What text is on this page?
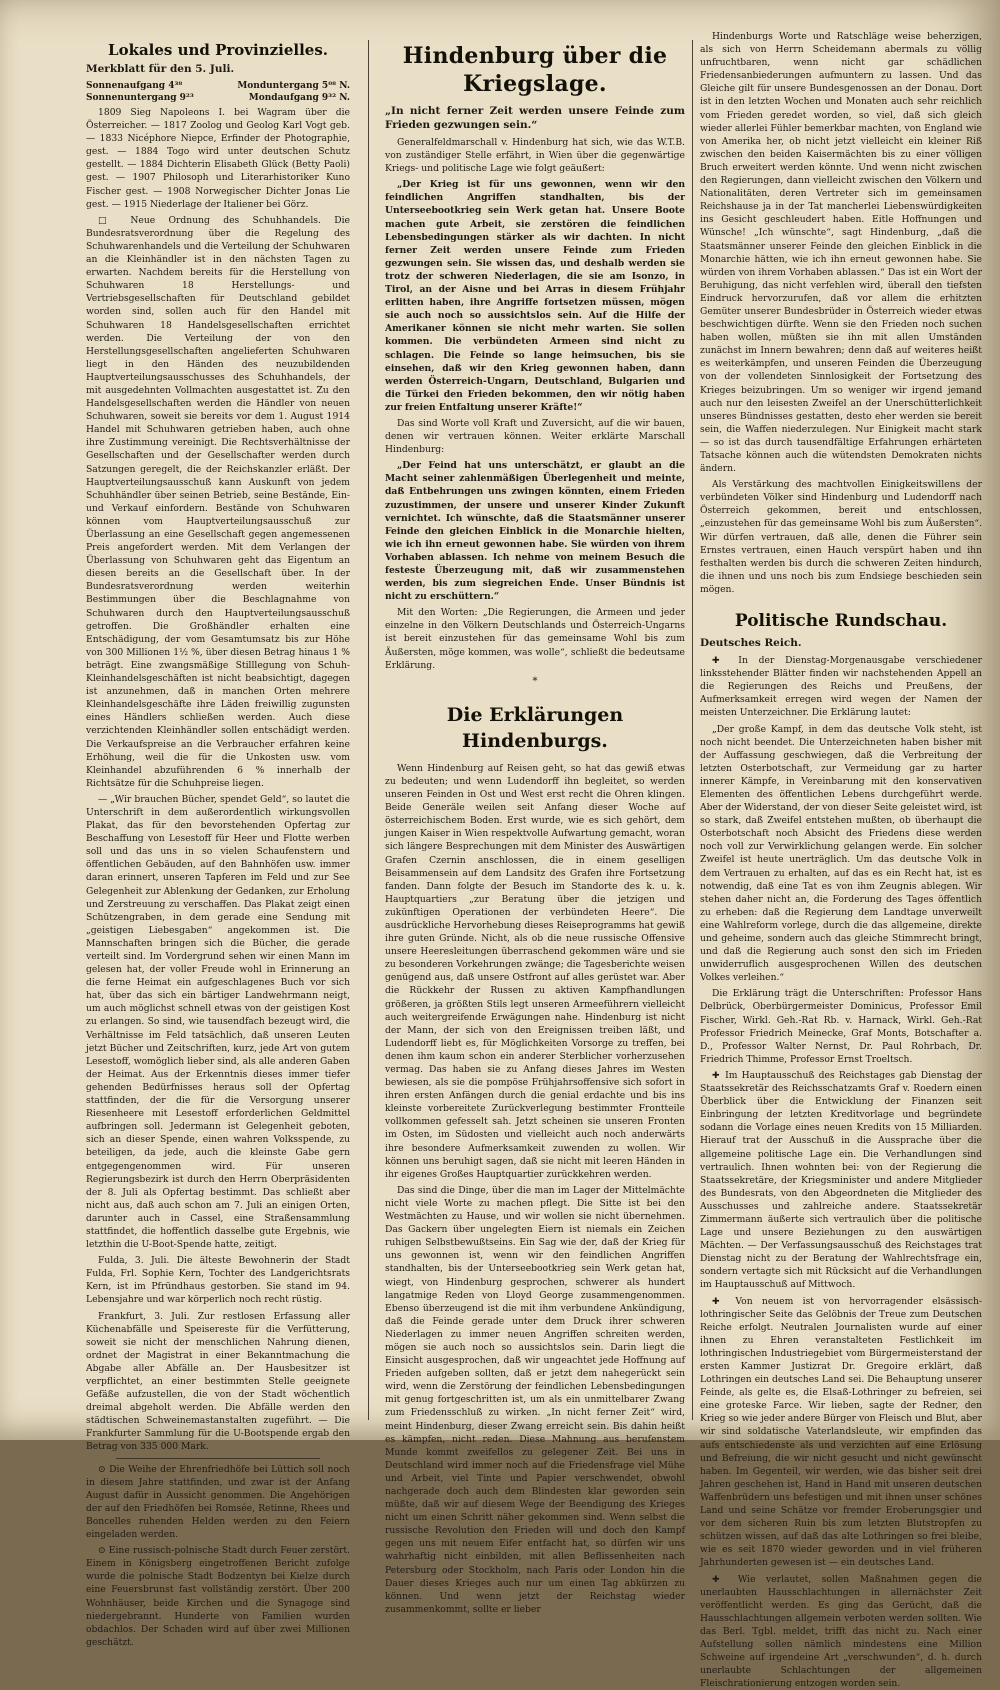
Lokales und Provinzielles.
Merkblatt für den 5. Juli.
Sonnenaufgang 4³⁸	Monduntergang 5⁰⁸ N.
Sonnenuntergang 9²³	Mondaufgang 9³² N.

1809 Sieg Napoleons I. bei Wagram über die Österreicher. — 1817 Zoolog und Geolog Karl Vogt geb. — 1833 Nicéphore Niepce, Erfinder der Photographie, gest. — 1884 Togo wird unter deutschen Schutz gestellt. — 1884 Dichterin Elisabeth Glück (Betty Paoli) gest. — 1907 Philosoph und Literarhistoriker Kuno Fischer gest. — 1908 Norwegischer Dichter Jonas Lie gest. — 1915 Niederlage der Italiener bei Görz.

□ Neue Ordnung des Schuhhandels. Die Bundesratsverordnung über die Regelung des Schuhwarenhandels und die Verteilung der Schuhwaren an die Kleinhändler ist in den nächsten Tagen zu erwarten. Nachdem bereits für die Herstellung von Schuhwaren 18 Herstellungs- und Vertriebsgesellschaften für Deutschland gebildet worden sind, sollen auch für den Handel mit Schuhwaren 18 Handelsgesellschaften errichtet werden. Die Verteilung der von den Herstellungsgesellschaften angelieferten Schuhwaren liegt in den Händen des neuzubildenden Hauptverteilungsausschusses des Schuhhandels, der mit ausgedehnten Vollmachten ausgestattet ist. Zu den Handelsgesellschaften werden die Händler von neuen Schuhwaren, soweit sie bereits vor dem 1. August 1914 Handel mit Schuhwaren getrieben haben, auch ohne ihre Zustimmung vereinigt. Die Rechtsverhältnisse der Gesellschaften und der Gesellschafter werden durch Satzungen geregelt, die der Reichskanzler erläßt. Der Hauptverteilungsausschuß kann Auskunft von jedem Schuhhändler über seinen Betrieb, seine Bestände, Ein- und Verkauf einfordern. Bestände von Schuhwaren können vom Hauptverteilungsausschuß zur Überlassung an eine Gesellschaft gegen angemessenen Preis angefordert werden. Mit dem Verlangen der Überlassung von Schuhwaren geht das Eigentum an diesen bereits an die Gesellschaft über. In der Bundesratsverordnung werden weiterhin Bestimmungen über die Beschlagnahme von Schuhwaren durch den Hauptverteilungsausschuß getroffen. Die Großhändler erhalten eine Entschädigung, der vom Gesamtumsatz bis zur Höhe von 300 Millionen 1½ %, über diesen Betrag hinaus 1 % beträgt. Eine zwangsmäßige Stilllegung von Schuh-Kleinhandelsgeschäften ist nicht beabsichtigt, dagegen ist anzunehmen, daß in manchen Orten mehrere Kleinhandelsgeschäfte ihre Läden freiwillig zugunsten eines Händlers schließen werden. Auch diese verzichtenden Kleinhändler sollen entschädigt werden. Die Verkaufspreise an die Verbraucher erfahren keine Erhöhung, weil die für die Unkosten usw. vom Kleinhandel abzuführenden 6 % innerhalb der Richtsätze für die Schuhpreise liegen.

— „Wir brauchen Bücher, spendet Geld“, so lautet die Unterschrift in dem außerordentlich wirkungsvollen Plakat, das für den bevorstehenden Opfertag zur Beschaffung von Lesestoff für Heer und Flotte werben soll und das uns in so vielen Schaufenstern und öffentlichen Gebäuden, auf den Bahnhöfen usw. immer daran erinnert, unseren Tapferen im Feld und zur See Gelegenheit zur Ablenkung der Gedanken, zur Erholung und Zerstreuung zu verschaffen. Das Plakat zeigt einen Schützengraben, in dem gerade eine Sendung mit „geistigen Liebesgaben“ angekommen ist. Die Mannschaften bringen sich die Bücher, die gerade verteilt sind. Im Vordergrund sehen wir einen Mann im gelesen hat, der voller Freude wohl in Erinnerung an die ferne Heimat ein aufgeschlagenes Buch vor sich hat, über das sich ein bärtiger Landwehrmann neigt, um auch möglichst schnell etwas von der geistigen Kost zu erlangen. So sind, wie tausendfach bezeugt wird, die Verhältnisse im Feld tatsächlich, daß unseren Leuten jetzt Bücher und Zeitschriften, kurz, jede Art von gutem Lesestoff, womöglich lieber sind, als alle anderen Gaben der Heimat. Aus der Erkenntnis dieses immer tiefer gehenden Bedürfnisses heraus soll der Opfertag stattfinden, der die für die Versorgung unserer Riesenheere mit Lesestoff erforderlichen Geldmittel aufbringen soll. Jedermann ist Gelegenheit geboten, sich an dieser Spende, einen wahren Volksspende, zu beteiligen, da jede, auch die kleinste Gabe gern entgegengenommen wird. Für unseren Regierungsbezirk ist durch den Herrn Oberpräsidenten der 8. Juli als Opfertag bestimmt. Das schließt aber nicht aus, daß auch schon am 7. Juli an einigen Orten, darunter auch in Cassel, eine Straßensammlung stattfindet, die hoffentlich dasselbe gute Ergebnis, wie letzthin die U-Boot-Spende hatte, zeitigt.

Fulda, 3. Juli. Die älteste Bewohnerin der Stadt Fulda, Frl. Sophie Kern, Tochter des Landgerichtsrats Kern, ist im Pfründhaus gestorben. Sie stand im 94. Lebensjahre und war körperlich noch recht rüstig.

Frankfurt, 3. Juli. Zur restlosen Erfassung aller Küchenabfälle und Speisereste für die Verfütterung, soweit sie nicht der menschlichen Nahrung dienen, ordnet der Magistrat in einer Bekanntmachung die Abgabe aller Abfälle an. Der Hausbesitzer ist verpflichtet, an einer bestimmten Stelle geeignete Gefäße aufzustellen, die von der Stadt wöchentlich dreimal abgeholt werden. Die Abfälle werden den städtischen Schweinemastanstalten zugeführt. — Die Frankfurter Sammlung für die U-Bootspende ergab den Betrag von 335 000 Mark.

⊙ Die Weihe der Ehrenfriedhöfe bei Lüttich soll noch in diesem Jahre stattfinden, und zwar ist der Anfang August dafür in Aussicht genommen. Die Angehörigen der auf den Friedhöfen bei Romsée, Retinne, Rhees und Boncelles ruhenden Helden werden zu den Feiern eingeladen werden.

⊙ Eine russisch-polnische Stadt durch Feuer zerstört. Einem in Königsberg eingetroffenen Bericht zufolge wurde die polnische Stadt Bodzentyn bei Kielze durch eine Feuersbrunst fast vollständig zerstört. Über 200 Wohnhäuser, beide Kirchen und die Synagoge sind niedergebrannt. Hunderte von Familien wurden obdachlos. Der Schaden wird auf über zwei Millionen geschätzt.

Hindenburg über die Kriegslage.
„In nicht ferner Zeit werden unsere Feinde zum Frieden gezwungen sein.“

Generalfeldmarschall v. Hindenburg hat sich, wie das W.T.B. von zuständiger Stelle erfährt, in Wien über die gegenwärtige Kriegs- und politische Lage wie folgt geäußert:

„Der Krieg ist für uns gewonnen, wenn wir den feindlichen Angriffen standhalten, bis der Unterseebootkrieg sein Werk getan hat. Unsere Boote machen gute Arbeit, sie zerstören die feindlichen Lebensbedingungen stärker als wir dachten. In nicht ferner Zeit werden unsere Feinde zum Frieden gezwungen sein. Sie wissen das, und deshalb werden sie trotz der schweren Niederlagen, die sie am Isonzo, in Tirol, an der Aisne und bei Arras in diesem Frühjahr erlitten haben, ihre Angriffe fortsetzen müssen, mögen sie auch noch so aussichtslos sein. Auf die Hilfe der Amerikaner können sie nicht mehr warten. Sie sollen kommen. Die verbündeten Armeen sind nicht zu schlagen. Die Feinde so lange heimsuchen, bis sie einsehen, daß wir den Krieg gewonnen haben, dann werden Österreich-Ungarn, Deutschland, Bulgarien und die Türkei den Frieden bekommen, den wir nötig haben zur freien Entfaltung unserer Kräfte!“

Das sind Worte voll Kraft und Zuversicht, auf die wir bauen, denen wir vertrauen können. Weiter erklärte Marschall Hindenburg:

„Der Feind hat uns unterschätzt, er glaubt an die Macht seiner zahlenmäßigen Überlegenheit und meinte, daß Entbehrungen uns zwingen könnten, einem Frieden zuzustimmen, der unsere und unserer Kinder Zukunft vernichtet. Ich wünschte, daß die Staatsmänner unserer Feinde den gleichen Einblick in die Monarchie hielten, wie ich ihn erneut gewonnen habe. Sie würden von ihrem Vorhaben ablassen. Ich nehme von meinem Besuch die festeste Überzeugung mit, daß wir zusammenstehen werden, bis zum siegreichen Ende. Unser Bündnis ist nicht zu erschüttern.“

Mit den Worten: „Die Regierungen, die Armeen und jeder einzelne in den Völkern Deutschlands und Österreich-Ungarns ist bereit einzustehen für das gemeinsame Wohl bis zum Äußersten, möge kommen, was wolle“, schließt die bedeutsame Erklärung.

*
Die Erklärungen Hindenburgs.

Wenn Hindenburg auf Reisen geht, so hat das gewiß etwas zu bedeuten; und wenn Ludendorff ihn begleitet, so werden unseren Feinden in Ost und West erst recht die Ohren klingen. Beide Generäle weilen seit Anfang dieser Woche auf österreichischem Boden. Erst wurde, wie es sich gehört, dem jungen Kaiser in Wien respektvolle Aufwartung gemacht, woran sich längere Besprechungen mit dem Minister des Auswärtigen Grafen Czernin anschlossen, die in einem geselligen Beisammensein auf dem Landsitz des Grafen ihre Fortsetzung fanden. Dann folgte der Besuch im Standorte des k. u. k. Hauptquartiers „zur Beratung über die jetzigen und zukünftigen Operationen der verbündeten Heere“. Die ausdrückliche Hervorhebung dieses Reiseprogramms hat gewiß ihre guten Gründe. Nicht, als ob die neue russische Offensive unsere Heeresleitungen überraschend gekommen wäre und sie zu besonderen Vorkehrungen zwänge; die Tagesberichte weisen genügend aus, daß unsere Ostfront auf alles gerüstet war. Aber die Rückkehr der Russen zu aktiven Kampfhandlungen größeren, ja größten Stils legt unseren Armeeführern vielleicht auch weitergreifende Erwägungen nahe. Hindenburg ist nicht der Mann, der sich von den Ereignissen treiben läßt, und Ludendorff liebt es, für Möglichkeiten Vorsorge zu treffen, bei denen ihm kaum schon ein anderer Sterblicher vorherzusehen vermag. Das haben sie zu Anfang dieses Jahres im Westen bewiesen, als sie die pompöse Frühjahrsoffensive sich sofort in ihren ersten Anfängen durch die genial erdachte und bis ins kleinste vorbereitete Zurückverlegung bestimmter Frontteile vollkommen gefesselt sah. Jetzt scheinen sie unseren Fronten im Osten, im Südosten und vielleicht auch noch anderwärts ihre besondere Aufmerksamkeit zuwenden zu wollen. Wir können uns beruhigt sagen, daß sie nicht mit leeren Händen in ihr eigenes Großes Hauptquartier zurückkehren werden.

Das sind die Dinge, über die man im Lager der Mittelmächte nicht viele Worte zu machen pflegt. Die Sitte ist bei den Westmächten zu Hause, und wir wollen sie nicht übernehmen. Das Gackern über ungelegten Eiern ist niemals ein Zeichen ruhigen Selbstbewußtseins. Ein Sag wie der, daß der Krieg für uns gewonnen ist, wenn wir den feindlichen Angriffen standhalten, bis der Unterseebootkrieg sein Werk getan hat, wiegt, von Hindenburg gesprochen, schwerer als hundert langatmige Reden von Lloyd George zusammengenommen. Ebenso überzeugend ist die mit ihm verbundene Ankündigung, daß die Feinde gerade unter dem Druck ihrer schweren Niederlagen zu immer neuen Angriffen schreiten werden, mögen sie auch noch so aussichtslos sein. Darin liegt die Einsicht ausgesprochen, daß wir ungeachtet jede Hoffnung auf Frieden aufgeben sollten, daß er jetzt dem nahegerückt sein wird, wenn die Zerstörung der feindlichen Lebensbedingungen mit genug fortgeschritten ist, um als ein unmittelbarer Zwang zum Friedensschluß zu wirken. „In nicht ferner Zeit“ wird, meint Hindenburg, dieser Zwang erreicht sein. Bis dahin heißt es kämpfen, nicht reden. Diese Mahnung aus berufenstem Munde kommt zweifellos zu gelegener Zeit. Bei uns in Deutschland wird immer noch auf die Friedensfrage viel Mühe und Arbeit, viel Tinte und Papier verschwendet, obwohl nachgerade doch auch dem Blindesten klar geworden sein müßte, daß wir auf diesem Wege der Beendigung des Krieges nicht um einen Schritt näher gekommen sind. Wenn selbst die russische Revolution den Frieden will und doch den Kampf gegen uns mit neuem Eifer entfacht hat, so dürfen wir uns wahrhaftig nicht einbilden, mit allen Beflissenheiten nach Petersburg oder Stockholm, nach Paris oder London hin die Dauer dieses Krieges auch nur um einen Tag abkürzen zu können. Und wenn jetzt der Reichstag wieder zusammenkommt, sollte er lieber

Hindenburgs Worte und Ratschläge weise beherzigen, als sich von Herrn Scheidemann abermals zu völlig unfruchtbaren, wenn nicht gar schädlichen Friedensanbiederungen aufmuntern zu lassen. Und das Gleiche gilt für unsere Bundesgenossen an der Donau. Dort ist in den letzten Wochen und Monaten auch sehr reichlich vom Frieden geredet worden, so viel, daß sich gleich wieder allerlei Fühler bemerkbar machten, von England wie von Amerika her, ob nicht jetzt vielleicht ein kleiner Riß zwischen den beiden Kaisermächten bis zu einer völligen Bruch erweitert werden könnte. Und wenn nicht zwischen den Regierungen, dann vielleicht zwischen den Völkern und Nationalitäten, deren Vertreter sich im gemeinsamen Reichshause ja in der Tat mancherlei Liebenswürdigkeiten ins Gesicht geschleudert haben. Eitle Hoffnungen und Wünsche! „Ich wünschte“, sagt Hindenburg, „daß die Staatsmänner unserer Feinde den gleichen Einblick in die Monarchie hätten, wie ich ihn erneut gewonnen habe. Sie würden von ihrem Vorhaben ablassen.“ Das ist ein Wort der Beruhigung, das nicht verfehlen wird, überall den tiefsten Eindruck hervorzurufen, daß vor allem die erhitzten Gemüter unserer Bundesbrüder in Österreich wieder etwas beschwichtigen dürfte. Wenn sie den Frieden noch suchen haben wollen, müßten sie ihn mit allen Umständen zunächst im Innern bewahren; denn daß auf weiteres heißt es weiterkämpfen, und unseren Feinden die Überzeugung von der vollendeten Sinnlosigkeit der Fortsetzung des Krieges beizubringen. Um so weniger wir irgend jemand auch nur den leisesten Zweifel an der Unerschütterlichkeit unseres Bündnisses gestatten, desto eher werden sie bereit sein, die Waffen niederzulegen. Nur Einigkeit macht stark — so ist das durch tausendfältige Erfahrungen erhärteten Tatsache können auch die wütendsten Demokraten nichts ändern.

Als Verstärkung des machtvollen Einigkeitswillens der verbündeten Völker sind Hindenburg und Ludendorff nach Österreich gekommen, bereit und entschlossen, „einzustehen für das gemeinsame Wohl bis zum Äußersten“. Wir dürfen vertrauen, daß alle, denen die Führer sein Ernstes vertrauen, einen Hauch verspürt haben und ihn festhalten werden bis durch die schweren Zeiten hindurch, die ihnen und uns noch bis zum Endsiege beschieden sein mögen.

Politische Rundschau.
Deutsches Reich.

✚ In der Dienstag-Morgenausgabe verschiedener linksstehender Blätter finden wir nachstehenden Appell an die Regierungen des Reichs und Preußens, der Aufmerksamkeit erregen wird wegen der Namen der meisten Unterzeichner. Die Erklärung lautet:

„Der große Kampf, in dem das deutsche Volk steht, ist noch nicht beendet. Die Unterzeichneten haben bisher mit der Auffassung geschwiegen, daß die Verbreitung der letzten Osterbotschaft, zur Vermeidung gar zu harter innerer Kämpfe, in Vereinbarung mit den konservativen Elementen des öffentlichen Lebens durchgeführt werde. Aber der Widerstand, der von dieser Seite geleistet wird, ist so stark, daß Zweifel entstehen mußten, ob überhaupt die Osterbotschaft noch Absicht des Friedens diese werden noch voll zur Verwirklichung gelangen werde. Ein solcher Zweifel ist heute unerträglich. Um das deutsche Volk in dem Vertrauen zu erhalten, auf das es ein Recht hat, ist es notwendig, daß eine Tat es von ihm Zeugnis ablegen. Wir stehen daher nicht an, die Forderung des Tages öffentlich zu erheben: daß die Regierung dem Landtage unverweilt eine Wahlreform vorlege, durch die das allgemeine, direkte und geheime, sondern auch das gleiche Stimmrecht bringt, und daß die Regierung auch sonst den sich im Frieden unwiderruflich ausgesprochenen Willen des deutschen Volkes verleihen.“

Die Erklärung trägt die Unterschriften: Professor Hans Delbrück, Oberbürgermeister Dominicus, Professor Emil Fischer, Wirkl. Geh.-Rat Rb. v. Harnack, Wirkl. Geh.-Rat Professor Friedrich Meinecke, Graf Monts, Botschafter a. D., Professor Walter Nernst, Dr. Paul Rohrbach, Dr. Friedrich Thimme, Professor Ernst Troeltsch.

✚ Im Hauptausschuß des Reichstages gab Dienstag der Staatssekretär des Reichsschatzamts Graf v. Roedern einen Überblick über die Entwicklung der Finanzen seit Einbringung der letzten Kreditvorlage und begründete sodann die Vorlage eines neuen Kredits von 15 Milliarden. Hierauf trat der Ausschuß in die Aussprache über die allgemeine politische Lage ein. Die Verhandlungen sind vertraulich. Ihnen wohnten bei: von der Regierung die Staatssekretäre, der Kriegsminister und andere Mitglieder des Bundesrats, von den Abgeordneten die Mitglieder des Ausschusses und zahlreiche andere. Staatssekretär Zimmermann äußerte sich vertraulich über die politische Lage und unsere Beziehungen zu den auswärtigen Mächten. — Der Verfassungsausschuß des Reichstages trat Dienstag nicht zu der Beratung der Wahlrechtsfrage ein, sondern vertagte sich mit Rücksicht auf die Verhandlungen im Hauptausschuß auf Mittwoch.

✚ Von neuem ist von hervorragender elsässisch-lothringischer Seite das Gelöbnis der Treue zum Deutschen Reiche erfolgt. Neutralen Journalisten wurde auf einer ihnen zu Ehren veranstalteten Festlichkeit im lothringischen Industriegebiet vom Bürgermeisterstand der ersten Kammer Justizrat Dr. Gregoire erklärt, daß Lothringen ein deutsches Land sei. Die Behauptung unserer Feinde, als gelte es, die Elsaß-Lothringer zu befreien, sei eine groteske Farce. Wir lieben, sagte der Redner, den Krieg so wie jeder andere Bürger von Fleisch und Blut, aber wir sind soldatische Vaterlandsleute, wir empfinden das aufs entschiedenste als und verzichten auf eine Erlösung und Befreiung, die wir nicht gesucht und nicht gewünscht haben. Im Gegenteil, wir werden, wie das bisher seit drei Jahren geschehen ist, Hand in Hand mit unseren deutschen Waffenbrüdern uns befestigen und mit ihnen unser schönes Land und seine Schätze vor fremder Eroberungsgier und vor dem sicheren Ruin bis zum letzten Blutstropfen zu schützen wissen, auf daß das alte Lothringen so frei bleibe, wie es seit 1870 wieder geworden und in viel früheren Jahrhunderten gewesen ist — ein deutsches Land.

✚ Wie verlautet, sollen Maßnahmen gegen die unerlaubten Hausschlachtungen in allernächster Zeit veröffentlicht werden. Es ging das Gerücht, daß die Hausschlachtungen allgemein verboten werden sollten. Wie das Berl. Tgbl. meldet, trifft das nicht zu. Nach einer Aufstellung sollen nämlich mindestens eine Million Schweine auf irgendeine Art „verschwunden“, d. h. durch unerlaubte Schlachtungen der allgemeinen Fleischrationierung entzogen worden sein.
